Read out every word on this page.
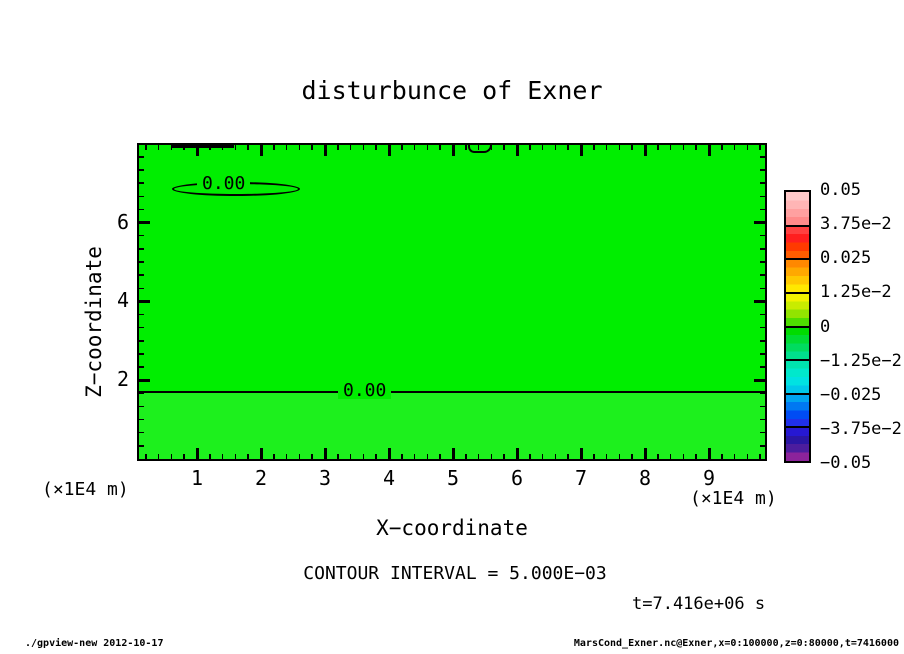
disturbunce of Exner
Z−coordinate
(×1E4 m)
0.00
0.00
1	2	3	4	5	6	7	8	9
6
4
2
(×1E4 m)
X−coordinate
CONTOUR INTERVAL = 5.000E−03
t=7.416e+06 s
0.05
3.75e−2
0.025
1.25e−2
0
−1.25e−2
−0.025
−3.75e−2
−0.05
./gpview-new 2012-10-17	MarsCond_Exner.nc@Exner,x=0:100000,z=0:80000,t=7416000
